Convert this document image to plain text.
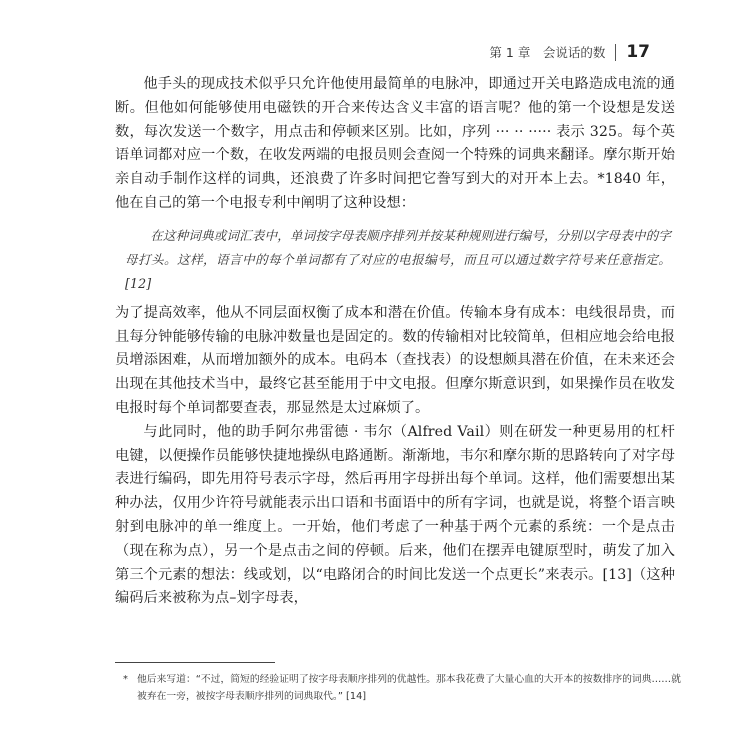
第 1 章　会说话的数 17

他手头的现成技术似乎只允许他使用最简单的电脉冲，即通过开关电路造成电流的通断。但他如何能够使用电磁铁的开合来传达含义丰富的语言呢？他的第一个设想是发送数，每次发送一个数字，用点击和停顿来区别。比如，序列 ··· ·· ····· 表示 325。每个英语单词都对应一个数，在收发两端的电报员则会查阅一个特殊的词典来翻译。摩尔斯开始亲自动手制作这样的词典，还浪费了许多时间把它誊写到大的对开本上去。*1840 年，他在自己的第一个电报专利中阐明了这种设想：

在这种词典或词汇表中，单词按字母表顺序排列并按某种规则进行编号，分别以字母表中的字母打头。这样，语言中的每个单词都有了对应的电报编号，而且可以通过数字符号来任意指定。[12]

为了提高效率，他从不同层面权衡了成本和潜在价值。传输本身有成本：电线很昂贵，而且每分钟能够传输的电脉冲数量也是固定的。数的传输相对比较简单，但相应地会给电报员增添困难，从而增加额外的成本。电码本（查找表）的设想颇具潜在价值，在未来还会出现在其他技术当中，最终它甚至能用于中文电报。但摩尔斯意识到，如果操作员在收发电报时每个单词都要查表，那显然是太过麻烦了。

与此同时，他的助手阿尔弗雷德 · 韦尔（Alfred Vail）则在研发一种更易用的杠杆电键，以便操作员能够快捷地操纵电路通断。渐渐地，韦尔和摩尔斯的思路转向了对字母表进行编码，即先用符号表示字母，然后再用字母拼出每个单词。这样，他们需要想出某种办法，仅用少许符号就能表示出口语和书面语中的所有字词，也就是说，将整个语言映射到电脉冲的单一维度上。一开始，他们考虑了一种基于两个元素的系统：一个是点击（现在称为点），另一个是点击之间的停顿。后来，他们在摆弄电键原型时，萌发了加入第三个元素的想法：线或划，以“电路闭合的时间比发送一个点更长”来表示。[13]（这种编码后来被称为点–划字母表，

* 他后来写道：“不过，简短的经验证明了按字母表顺序排列的优越性。那本我花费了大量心血的大开本的按数排序的词典……就被弃在一旁，被按字母表顺序排列的词典取代。” [14]
